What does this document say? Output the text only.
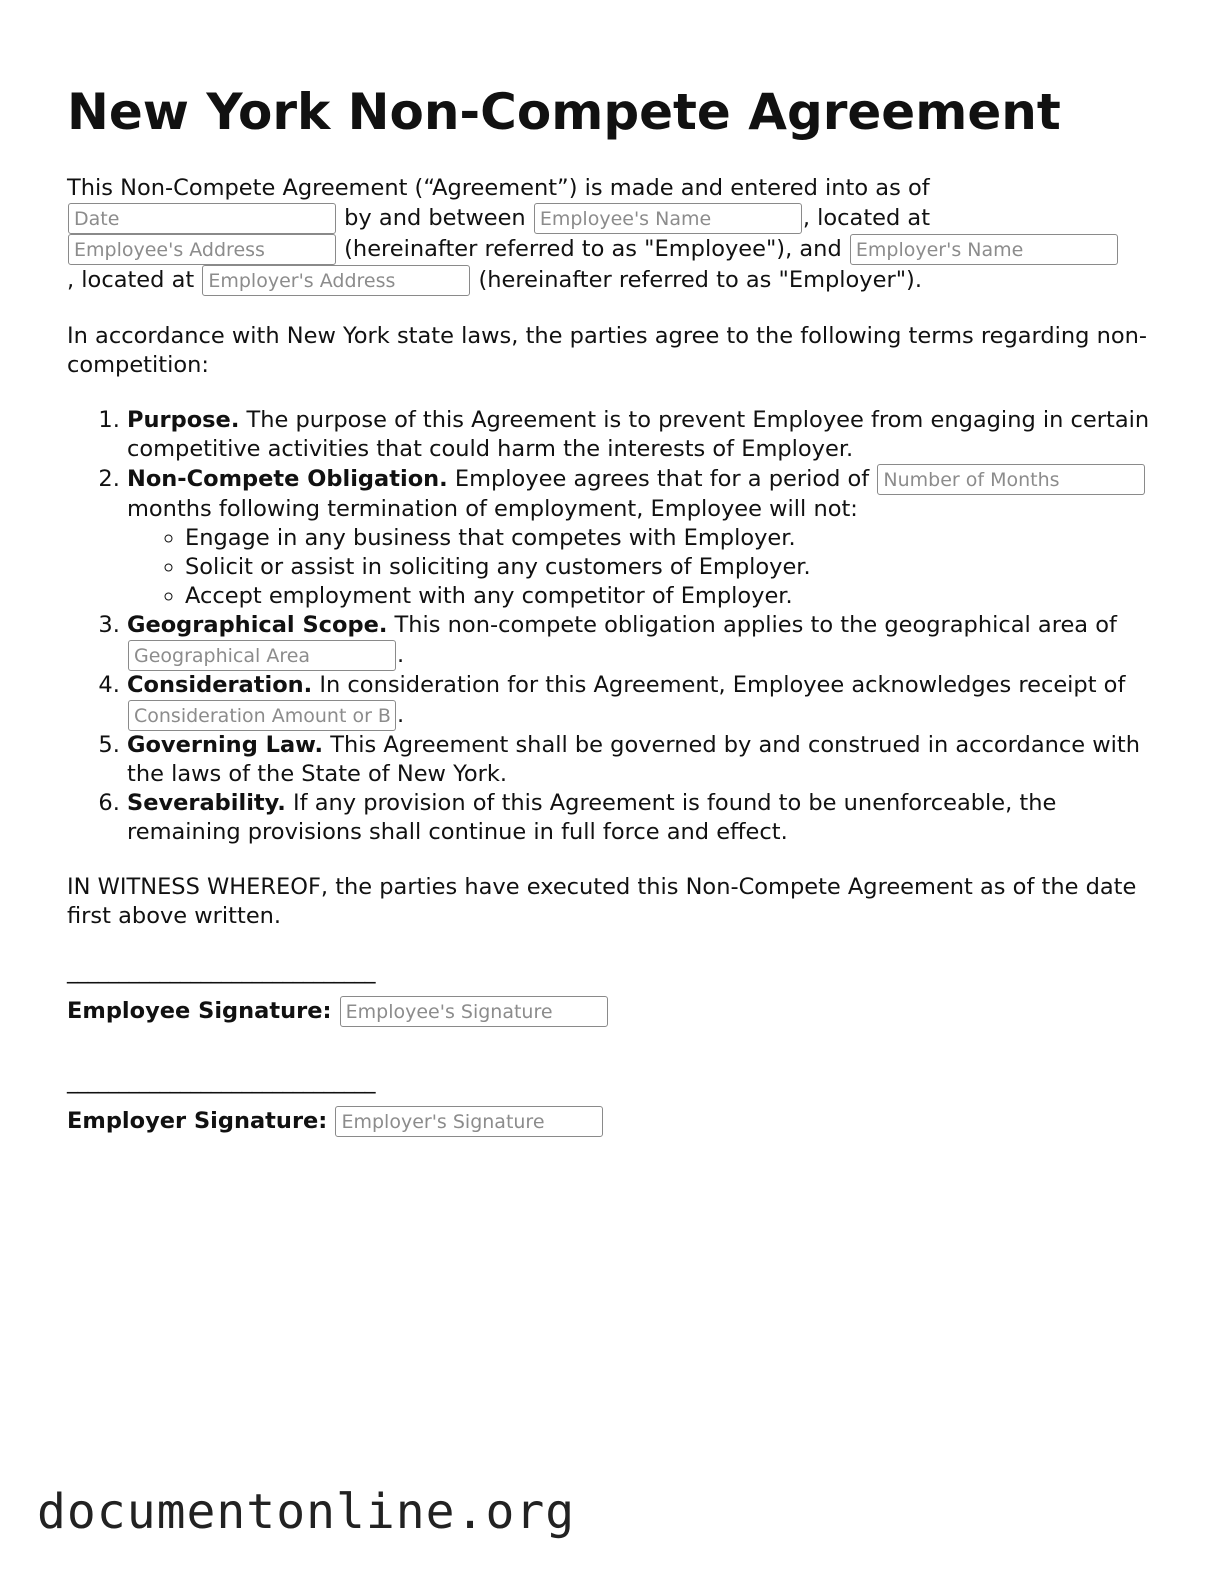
New York Non-Compete Agreement

This Non-Compete Agreement (“Agreement”) is made and entered into as of
Date by and between Employee's Name	, located at
Employee's Address (hereinafter referred to as "Employee"), and Employer's Name
, located at Employer's Address	(hereinafter referred to as "Employer").

In accordance with New York state laws, the parties agree to the following terms regarding non-competition:

1. Purpose. The purpose of this Agreement is to prevent Employee from engaging in certain competitive activities that could harm the interests of Employer.
2. Non-Compete Obligation. Employee agrees that for a period of Number of Months months following termination of employment, Employee will not:
◦ Engage in any business that competes with Employer.
◦ Solicit or assist in soliciting any customers of Employer.
◦ Accept employment with any competitor of Employer.
3. Geographical Scope. This non-compete obligation applies to the geographical area of Geographical Area.
4. Consideration. In consideration for this Agreement, Employee acknowledges receipt of Consideration Amount or Benefit.
5. Governing Law. This Agreement shall be governed by and construed in accordance with the laws of the State of New York.
6. Severability. If any provision of this Agreement is found to be unenforceable, the remaining provisions shall continue in full force and effect.

IN WITNESS WHEREOF, the parties have executed this Non-Compete Agreement as of the date first above written.

______________________________
Employee Signature: Employee's Signature
______________________________
Employer Signature: Employer's Signature
documentonline.org
